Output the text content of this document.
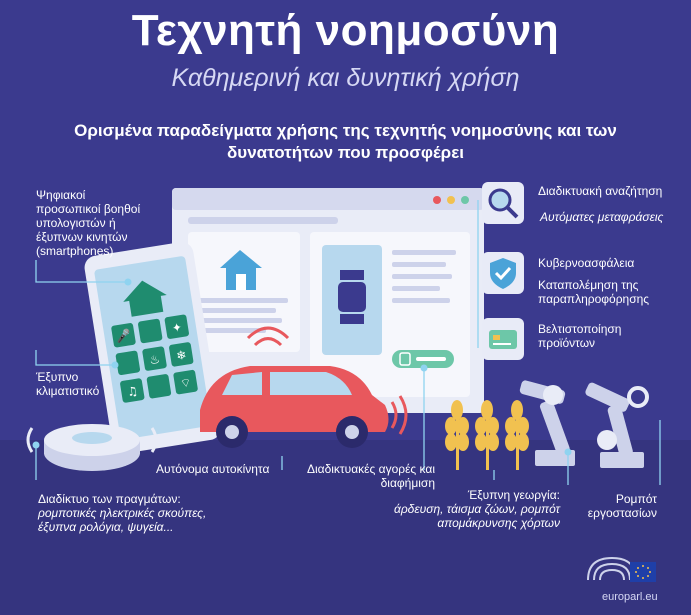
Τεχνητή νοημοσύνη
Καθημερινή και δυνητική χρήση
Ορισμένα παραδείγματα χρήσης της τεχνητής νοημοσύνης και των δυνατοτήτων που προσφέρει
🎤
✦
♨ ❄
♫
⌔
Ψηφιακοί προσωπικοί βοηθοί υπολογιστών ή έξυπνων κινητών (smartphones)
Έξυπνο κλιματιστικό
Διαδίκτυο των πραγμάτων:
ρομποτικές ηλεκτρικές σκούπες, έξυπνα ρολόγια, ψυγεία...
Αυτόνομα αυτοκίνητα	Διαδικτυακές αγορές και διαφήμιση
Έξυπνη γεωργία:
άρδευση, τάισμα ζώων, ρομπότ απομάκρυνσης χόρτων
Ρομπότ εργοστασίων
Διαδικτυακή αναζήτηση
Αυτόματες μεταφράσεις
Κυβερνοασφάλεια
Καταπολέμηση της παραπληροφόρησης
Βελτιστοποίηση προϊόντων
europarl.eu
